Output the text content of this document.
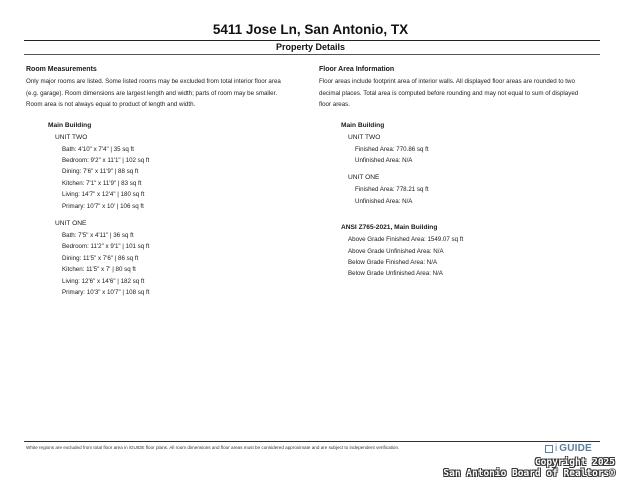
5411 Jose Ln, San Antonio, TX
Property Details
Room Measurements
Only major rooms are listed. Some listed rooms may be excluded from total interior floor area
(e.g. garage). Room dimensions are largest length and width; parts of room may be smaller.
Room area is not always equal to product of length and width.
Main Building
UNIT TWO
Bath: 4'10" x 7'4" | 35 sq ft
Bedroom: 9'2" x 11'1" | 102 sq ft
Dining: 7'6" x 11'9" | 88 sq ft
Kitchen: 7'1" x 11'9" | 83 sq ft
Living: 14'7" x 12'4" | 180 sq ft
Primary: 10'7" x 10' | 106 sq ft
UNIT ONE
Bath: 7'5" x 4'11" | 36 sq ft
Bedroom: 11'2" x 9'1" | 101 sq ft
Dining: 11'5" x 7'6" | 86 sq ft
Kitchen: 11'5" x 7' | 80 sq ft
Living: 12'6" x 14'6" | 182 sq ft
Primary: 10'3" x 10'7" | 108 sq ft
Floor Area Information
Floor areas include footprint area of interior walls. All displayed floor areas are rounded to two
decimal places. Total area is computed before rounding and may not equal to sum of displayed
floor areas.
Main Building
UNIT TWO
Finished Area: 770.86 sq ft
Unfinished Area: N/A
UNIT ONE
Finished Area: 778.21 sq ft
Unfinished Area: N/A
ANSI Z765-2021, Main Building
Above Grade Finished Area: 1549.07 sq ft
Above Grade Unfinished Area: N/A
Below Grade Finished Area: N/A
Below Grade Unfinished Area: N/A
White regions are excluded from total floor area in iGUIDE floor plans. All room dimensions and floor areas must be considered approximate and are subject to independent verification.	i GUIDE
Copyright 2025
San Antonio Board of Realtors®
